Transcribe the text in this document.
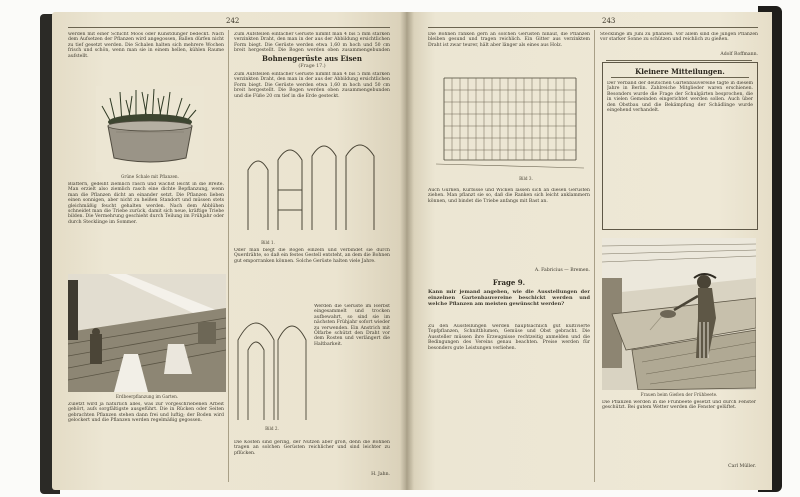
242
werden mit einer Schicht Moos oder Kunstdünger bedeckt. Nach dem Aufsetzen der Pflanzen wird angegossen, Ballen dürfen nicht zu tief gesetzt werden. Die Schalen halten sich mehrere Wochen frisch und schön, wenn man sie in einem hellen, kühlen Raume aufstellt.
Grüne Schale mit Pflanzen.
Blättern, gedeiht ziemlich rasch und wächst leicht in die Breite. Man erzielt also ziemlich rasch eine dichte Bepflanzung, wenn man die Pflanzen dicht an einander setzt. Die Pflanzen lieben einen sonnigen, aber nicht zu heißen Standort und müssen stets gleichmäßig feucht gehalten werden. Nach dem Abblühen schneidet man die Triebe zurück, damit sich neue, kräftige Triebe bilden. Die Vermehrung geschieht durch Teilung im Frühjahr oder durch Stecklinge im Sommer.
Erdbeerpflanzung im Garten.
Zuletzt wird ja natürlich alles, was zur vorgeschriebenen Arbeit gehört, aufs sorgfältigste ausgeführt. Die in Rücken oder Seiten gebrachten Pflanzen stehen dann frei und luftig; der Boden wird gelockert und die Pflanzen werden regelmäßig gegossen.
Zum Aufstellen einfacher Gerüste nimmt man 4 bis 5 mm starken verzinkten Draht, den man in der aus der Abbildung ersichtlichen Form biegt. Die Gerüste werden etwa 1,60 m hoch und 50 cm breit hergestellt. Die Bogen werden oben zusammengebunden
Bohnengerüste aus Eisen
(Frage 17.)
Zum Aufstellen einfacher Gerüste nimmt man 4 bis 5 mm starken verzinkten Draht, den man in der aus der Abbildung ersichtlichen Form biegt. Die Gerüste werden etwa 1,60 m hoch und 50 cm breit hergestellt. Die Bogen werden oben zusammengebunden und die Füße 20 cm tief in die Erde gesteckt.
Bild 1.
Oder man biegt die Bogen einzeln und verbindet sie durch Querdrähte, so daß ein festes Gestell entsteht, an dem die Bohnen gut emporranken können. Solche Gerüste halten viele Jahre.
Werden die Gerüste im Herbst eingesammelt und trocken aufbewahrt, so sind sie im nächsten Frühjahr sofort wieder zu verwenden. Ein Anstrich mit Ölfarbe schützt den Draht vor dem Rosten und verlängert die Haltbarkeit.
Bild 2.
Die Kosten sind gering, der Nutzen aber groß, denn die Bohnen tragen an solchen Gerüsten reichlicher und sind leichter zu pflücken.
H. Jahn.
243
Die Bohnen ranken gern an solchen Gerüsten hinauf, die Pflanzen bleiben gesund und tragen reichlich. Ein Gitter aus verzinktem Draht ist zwar teurer, hält aber länger als eines aus Holz.
Bild 3.
Auch Gurken, Kürbisse und Wicken lassen sich an diesen Gerüsten ziehen. Man pflanzt sie so, daß die Ranken sich leicht anklammern können, und bindet die Triebe anfangs mit Bast an.
A. Fabricius — Bremen.
Frage 9.
Kann mir jemand angeben, wie die Ausstellungen der einzelnen Gartenbauvereine beschickt werden und welche Pflanzen am meisten gewünscht werden?
Zu den Ausstellungen werden hauptsächlich gut kultivierte Topfpflanzen, Schnittblumen, Gemüse und Obst gebracht. Die Aussteller müssen ihre Erzeugnisse rechtzeitig anmelden und die Bedingungen des Vereins genau beachten. Preise werden für besonders gute Leistungen verliehen.
Stecklinge im Juni zu pflanzen. Vor allem sind die jungen Pflanzen vor starker Sonne zu schützen und reichlich zu gießen.
Adolf Roffmann.
Kleinere Mitteilungen.
Der Verband der deutschen Gartenbauvereine tagte in diesem Jahre in Berlin. Zahlreiche Mitglieder waren erschienen. Besonders wurde die Frage der Schulgärten besprochen, die in vielen Gemeinden eingerichtet werden sollen. Auch über den Obstbau und die Bekämpfung der Schädlinge wurde eingehend verhandelt.
Frauen beim Gießen der Frühbeete.
Die Pflanzen werden in die Frühbeete gesetzt und durch Fenster geschützt. Bei gutem Wetter werden die Fenster gelüftet.
Carl Müller.
